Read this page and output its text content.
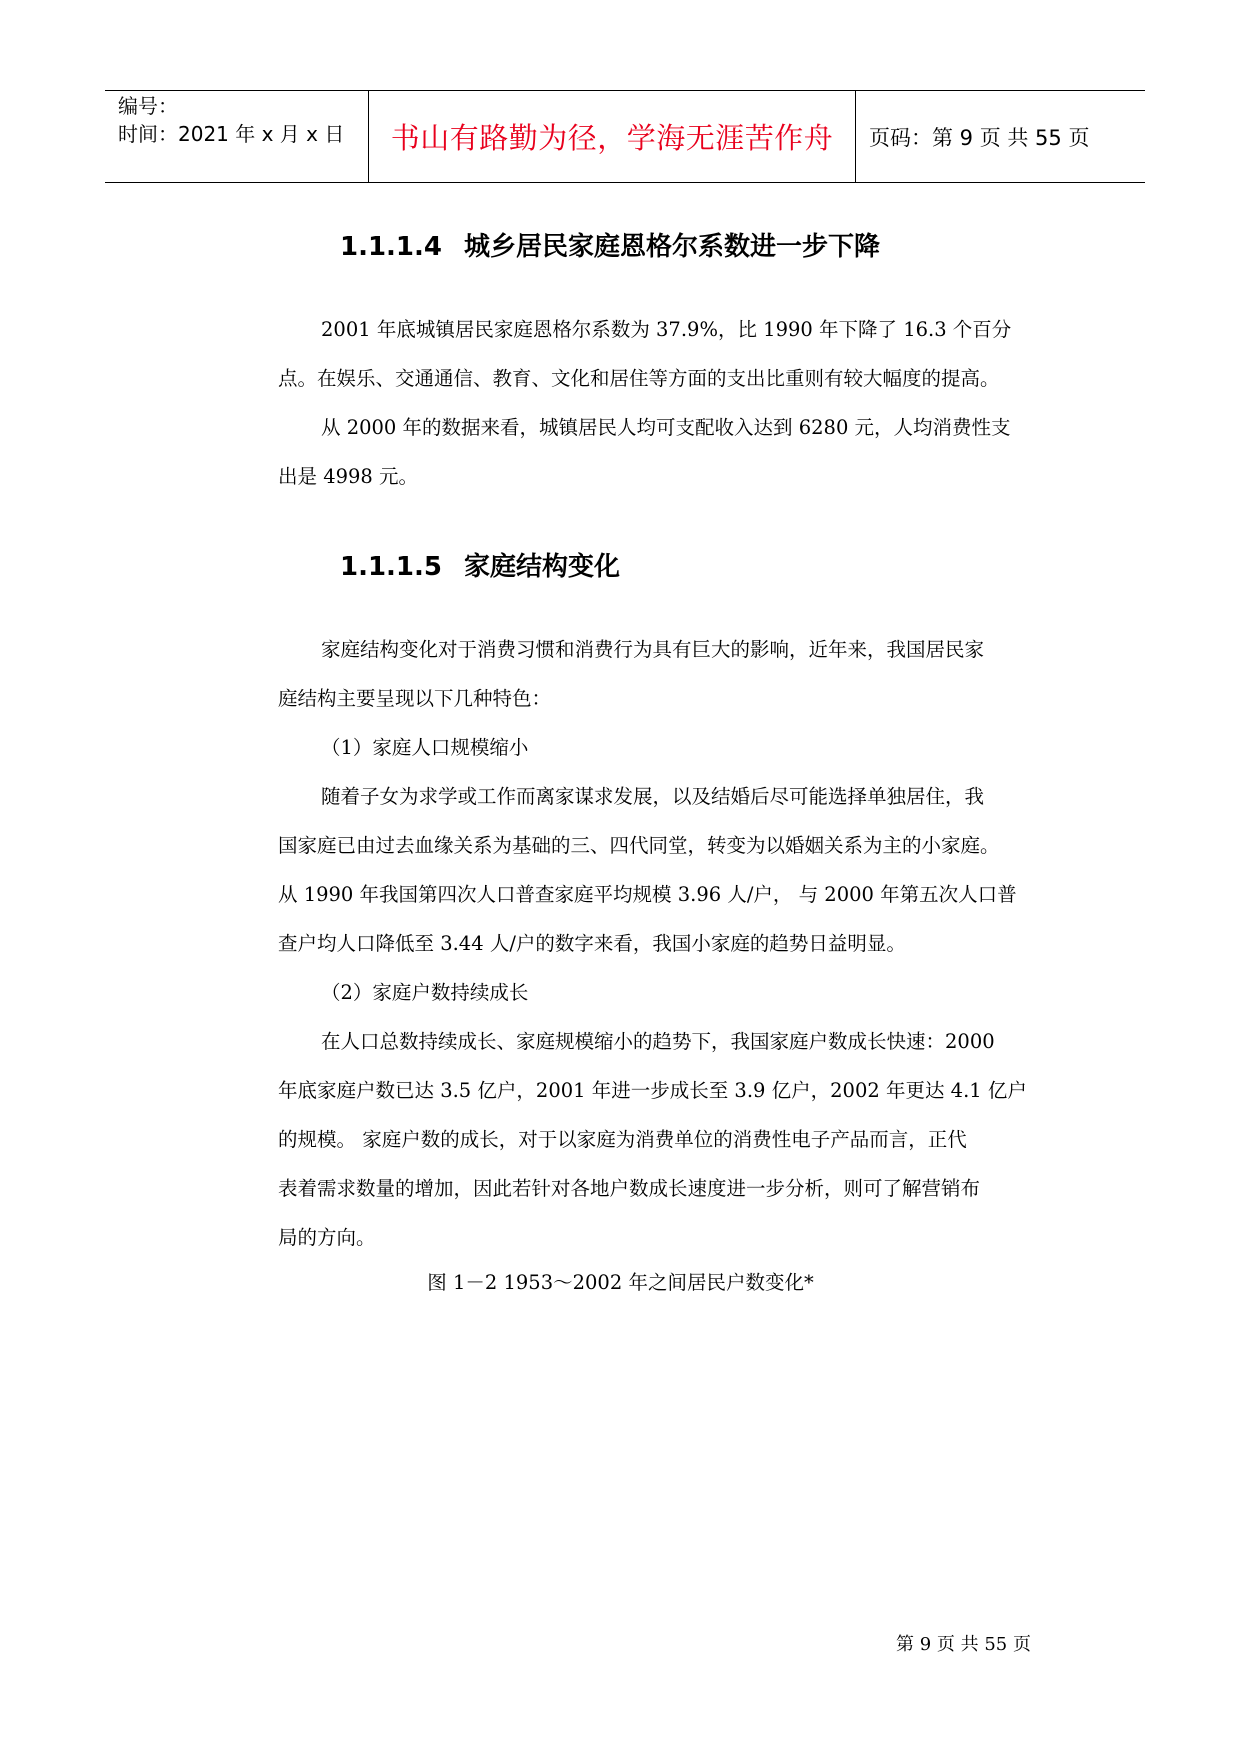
编号：
时间：2021 年 x 月 x 日	书山有路勤为径，学海无涯苦作舟 页码：第 9 页 共 55 页
1.1.1.4 城乡居民家庭恩格尔系数进一步下降
2001 年底城镇居民家庭恩格尔系数为 37.9%，比 1990 年下降了 16.3 个百分
点。在娱乐、交通通信、教育、文化和居住等方面的支出比重则有较大幅度的提高。
从 2000 年的数据来看，城镇居民人均可支配收入达到 6280 元，人均消费性支
出是 4998 元。
1.1.1.5 家庭结构变化
家庭结构变化对于消费习惯和消费行为具有巨大的影响，近年来，我国居民家
庭结构主要呈现以下几种特色：
（1）家庭人口规模缩小
随着子女为求学或工作而离家谋求发展，以及结婚后尽可能选择单独居住，我
国家庭已由过去血缘关系为基础的三、四代同堂，转变为以婚姻关系为主的小家庭。
从 1990 年我国第四次人口普查家庭平均规模 3.96 人/户， 与 2000 年第五次人口普
查户均人口降低至 3.44 人/户的数字来看，我国小家庭的趋势日益明显。
（2）家庭户数持续成长
在人口总数持续成长、家庭规模缩小的趋势下，我国家庭户数成长快速：2000
年底家庭户数已达 3.5 亿户，2001 年进一步成长至 3.9 亿户，2002 年更达 4.1 亿户
的规模。 家庭户数的成长，对于以家庭为消费单位的消费性电子产品而言，正代
表着需求数量的增加，因此若针对各地户数成长速度进一步分析，则可了解营销布
局的方向。
图 1－2 1953～2002 年之间居民户数变化*
第 9 页 共 55 页
